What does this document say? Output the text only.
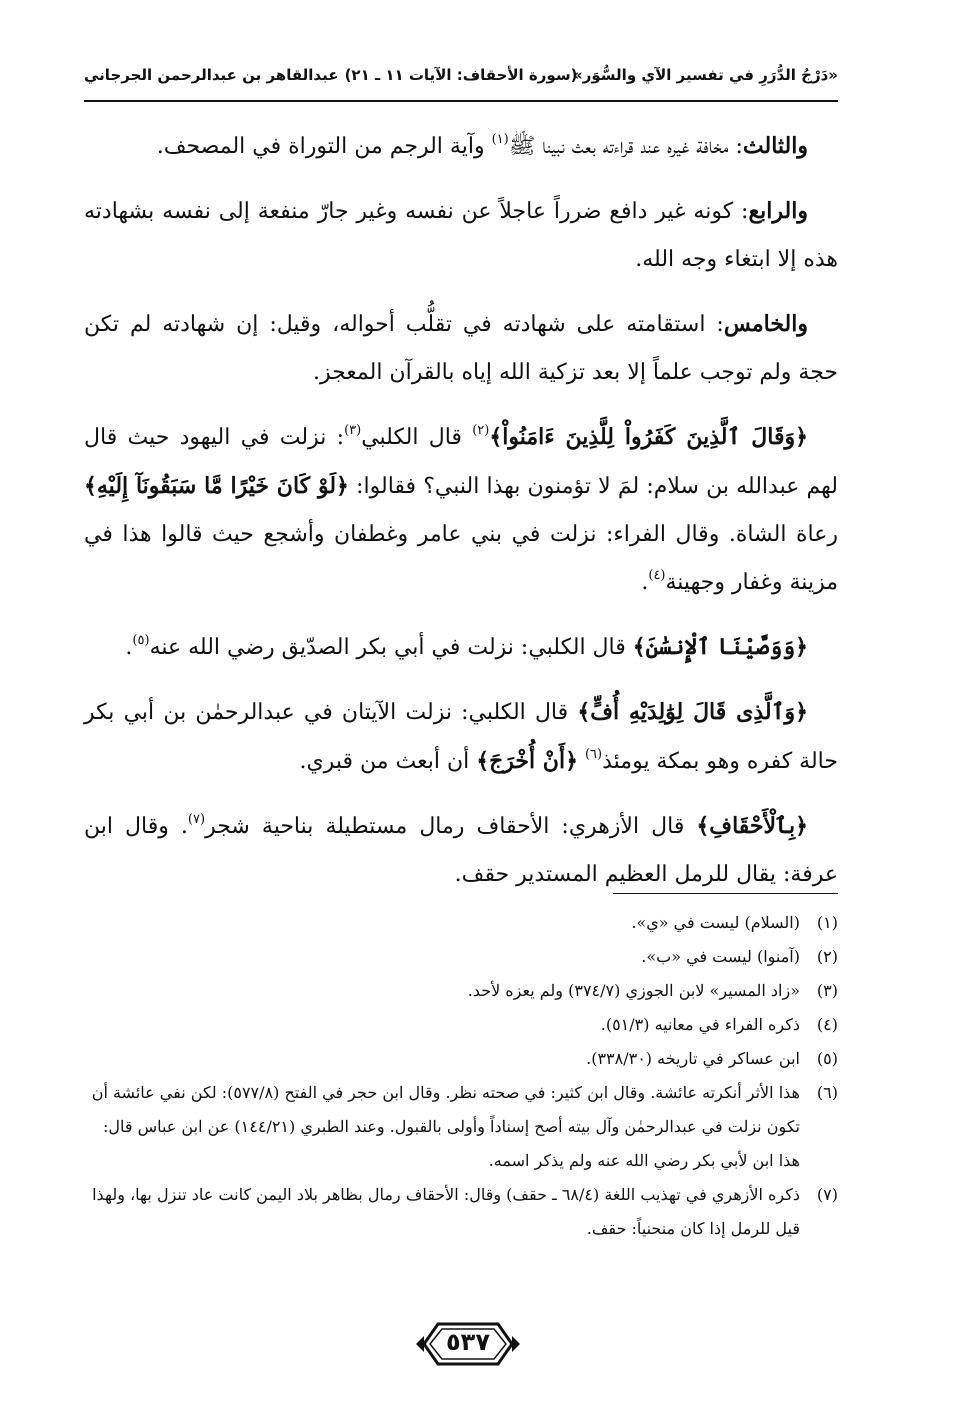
«دَرْجُ الدُّرَرِ في تفسير الآي والسُّوَر»
(سورة الأحقاف: الآيات ١١ ـ ٢١)
عبدالقاهر بن عبدالرحمن الجرجاني

والثالث: مخافة غيره عند قراءته بعث نبينا ﷺ$^{(١)}$ وآية الرجم من التوراة في المصحف.

والرابع: كونه غير دافع ضرراً عاجلاً عن نفسه وغير جارّ منفعة إلى نفسه بشهادته هذه إلا ابتغاء وجه الله.

والخامس: استقامته على شهادته في تقلُّب أحواله، وقيل: إن شهادته لم تكن حجة ولم توجب علماً إلا بعد تزكية الله إياه بالقرآن المعجز.

﴿وَقَالَ ٱلَّذِينَ كَفَرُواْ لِلَّذِينَ ءَامَنُواْ﴾$^{(٢)}$ قال الكلبي$^{(٣)}$: نزلت في اليهود حيث قال لهم عبدالله بن سلام: لمَ لا تؤمنون بهذا النبي؟ فقالوا: ﴿لَوْ كَانَ خَيْرًا مَّا سَبَقُونَآ إِلَيْهِ﴾ رعاة الشاة. وقال الفراء: نزلت في بني عامر وغطفان وأشجع حيث قالوا هذا في مزينة وغفار وجهينة$^{(٤)}$.

﴿وَوَصَّيْنَا ٱلْإِنسَٰنَ﴾ قال الكلبي: نزلت في أبي بكر الصدّيق رضي الله عنه$^{(٥)}$.

﴿وَٱلَّذِى قَالَ لِوَٰلِدَيْهِ أُفٍّ﴾ قال الكلبي: نزلت الآيتان في عبدالرحمٰن بن أبي بكر حالة كفره وهو بمكة يومئذ$^{(٦)}$ ﴿أَنْ أُخْرَجَ﴾ أن أبعث من قبري.

﴿بِٱلْأَحْقَافِ﴾ قال الأزهري: الأحقاف رمال مستطيلة بناحية شجر$^{(٧)}$. وقال ابن عرفة: يقال للرمل العظيم المستدير حقف.

(١)
(السلام) ليست في «ي».
(٢)
(آمنوا) ليست في «ب».
(٣)
«زاد المسير» لابن الجوزي (٣٧٤/٧) ولم يعزه لأحد.
(٤)
ذكره الفراء في معانيه (٥١/٣).
(٥)
ابن عساكر في تاريخه (٣٣٨/٣٠).
(٦)
هذا الأثر أنكرته عائشة. وقال ابن كثير: في صحته نظر. وقال ابن حجر في الفتح (٥٧٧/٨): لكن نفي عائشة أن تكون نزلت في عبدالرحمٰن وآل بيته أصح إسناداً وأولى بالقبول. وعند الطبري (١٤٤/٢١) عن ابن عباس قال: هذا ابن لأبي بكر رضي الله عنه ولم يذكر اسمه.
(٧)
ذكره الأزهري في تهذيب اللغة (٦٨/٤ ـ حقف) وقال: الأحقاف رمال بظاهر بلاد اليمن كانت عاد تنزل بها، ولهذا قيل للرمل إذا كان منحنياً: حقف.
٥٣٧
